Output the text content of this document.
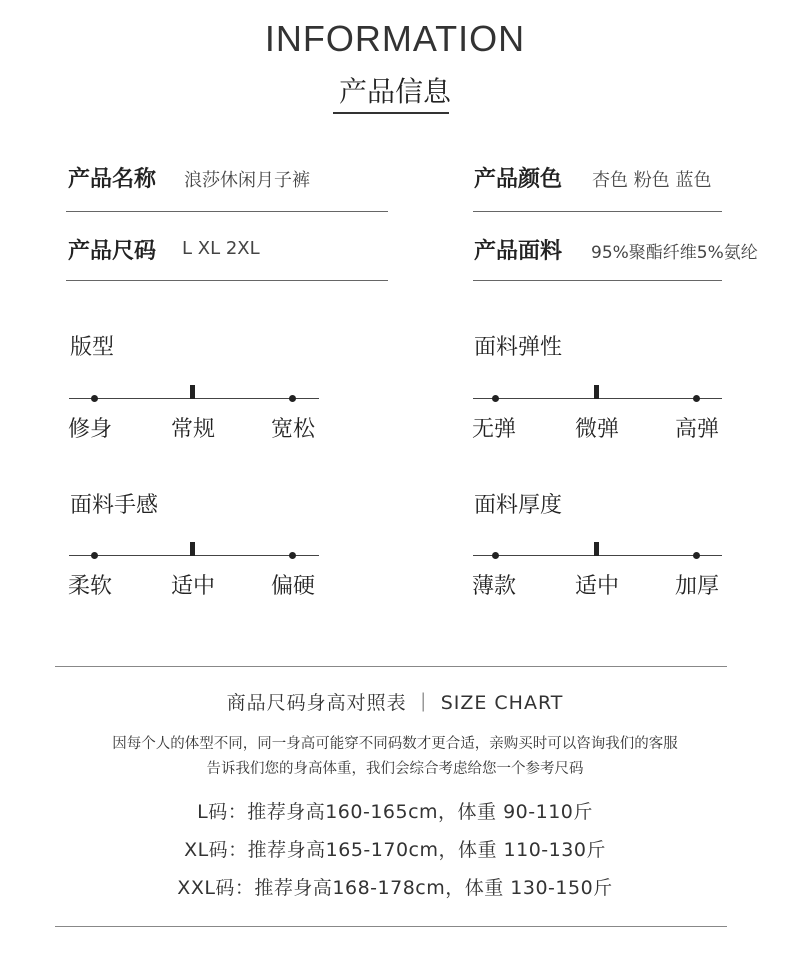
INFORMATION
产品信息
产品名称 浪莎休闲月子裤	产品颜色 杏色 粉色 蓝色
产品尺码 L XL 2XL	产品面料 95%聚酯纤维5%氨纶
版型
修身	常规	宽松
面料弹性
无弹	微弹	高弹
面料手感
柔软	适中	偏硬
面料厚度
薄款	适中	加厚
商品尺码身高对照表 ｜ SIZE CHART
因每个人的体型不同，同一身高可能穿不同码数才更合适，亲购买时可以咨询我们的客服
告诉我们您的身高体重，我们会综合考虑给您一个参考尺码
L码：推荐身高160-165cm，体重 90-110斤
XL码：推荐身高165-170cm，体重 110-130斤
XXL码：推荐身高168-178cm，体重 130-150斤
